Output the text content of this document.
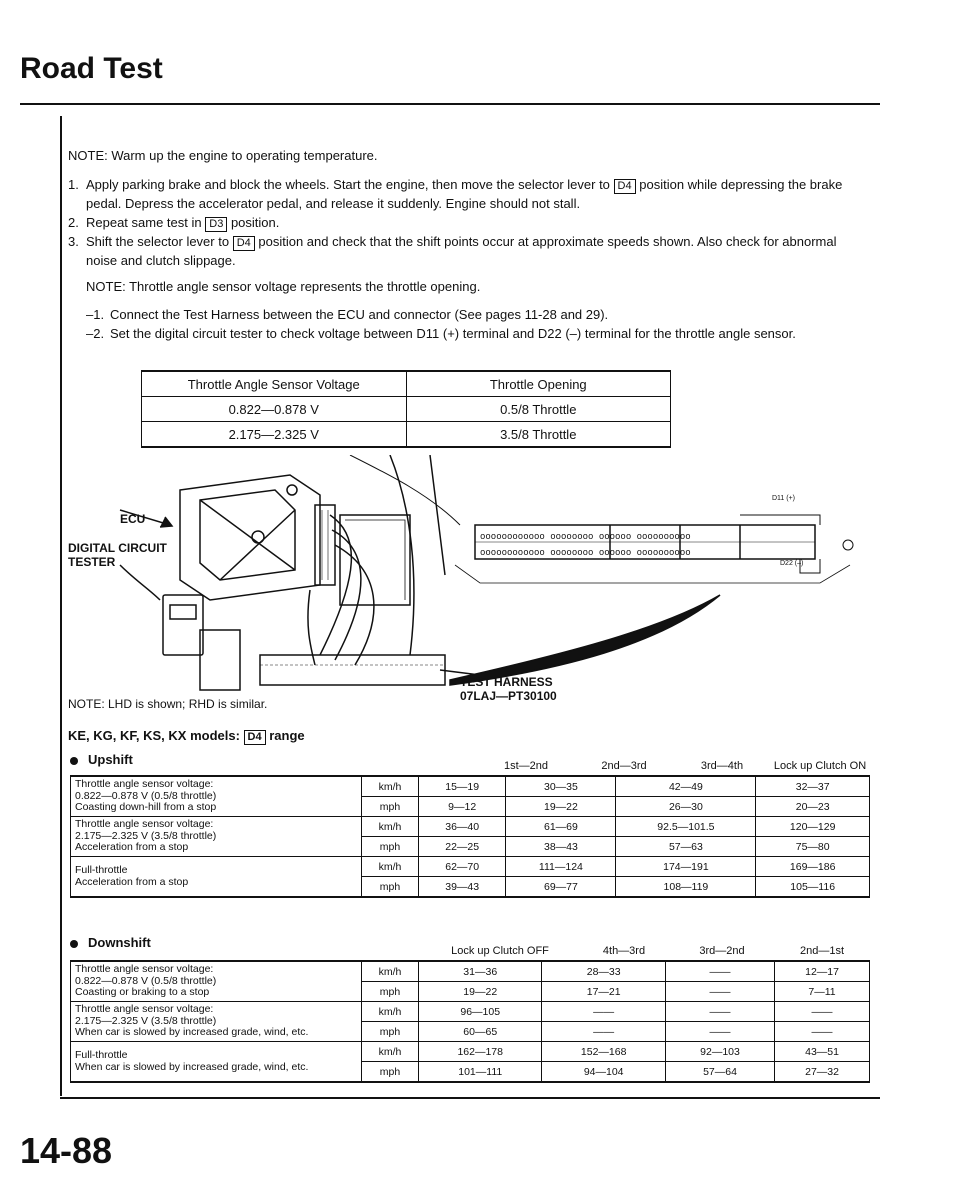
Road Test
NOTE: Warm up the engine to operating temperature.
1. Apply parking brake and block the wheels. Start the engine, then move the selector lever to D4 position while depressing the brake pedal. Depress the accelerator pedal, and release it suddenly. Engine should not stall.
2. Repeat same test in D3 position.
3. Shift the selector lever to D4 position and check that the shift points occur at approximate speeds shown. Also check for abnormal noise and clutch slippage.
NOTE: Throttle angle sensor voltage represents the throttle opening.
–1. Connect the Test Harness between the ECU and connector (See pages 11-28 and 29).
–2. Set the digital circuit tester to check voltage between D11 (+) terminal and D22 (–) terminal for the throttle angle sensor.
Throttle Angle Sensor Voltage	Throttle Opening
0.822—0.878 V	0.5/8 Throttle
2.175—2.325 V	3.5/8 Throttle
oooooooooooo oooooooo oooooo oooooooooo
oooooooooooo oooooooo oooooo oooooooooo
ECU
DIGITAL CIRCUIT
TESTER
TEST HARNESS
07LAJ—PT30100
D11 (+)
D22 (–)
NOTE: LHD is shown; RHD is similar.
KE, KG, KF, KS, KX models: D4 range
Upshift	1st—2nd	2nd—3rd	3rd—4th	Lock up Clutch ON
Throttle angle sensor voltage:
0.822—0.878 V (0.5/8 throttle)
Coasting down-hill from a stop	km/h	15—19	30—35	42—49	32—37
	mph	9—12	19—22	26—30	20—23

Throttle angle sensor voltage:
2.175—2.325 V (3.5/8 throttle)
Acceleration from a stop	km/h	36—40	61—69	92.5—101.5	120—129
	mph	22—25	38—43	57—63	75—80

Full-throttle
Acceleration from a stop	km/h	62—70	111—124	174—191	169—186
	mph	39—43	69—77	108—119	105—116
Downshift
Lock up Clutch OFF	4th—3rd	3rd—2nd	2nd—1st
Throttle angle sensor voltage:
0.822—0.878 V (0.5/8 throttle)
Coasting or braking to a stop	km/h	31—36	28—33	——	12—17
	mph	19—22	17—21	——	7—11

Throttle angle sensor voltage:
2.175—2.325 V (3.5/8 throttle)
When car is slowed by increased grade, wind, etc.	km/h	96—105	——	——	——
	mph	60—65	——	——	——

Full-throttle
When car is slowed by increased grade, wind, etc.	km/h	162—178	152—168	92—103	43—51
	mph	101—111	94—104	57—64	27—32
14-88
